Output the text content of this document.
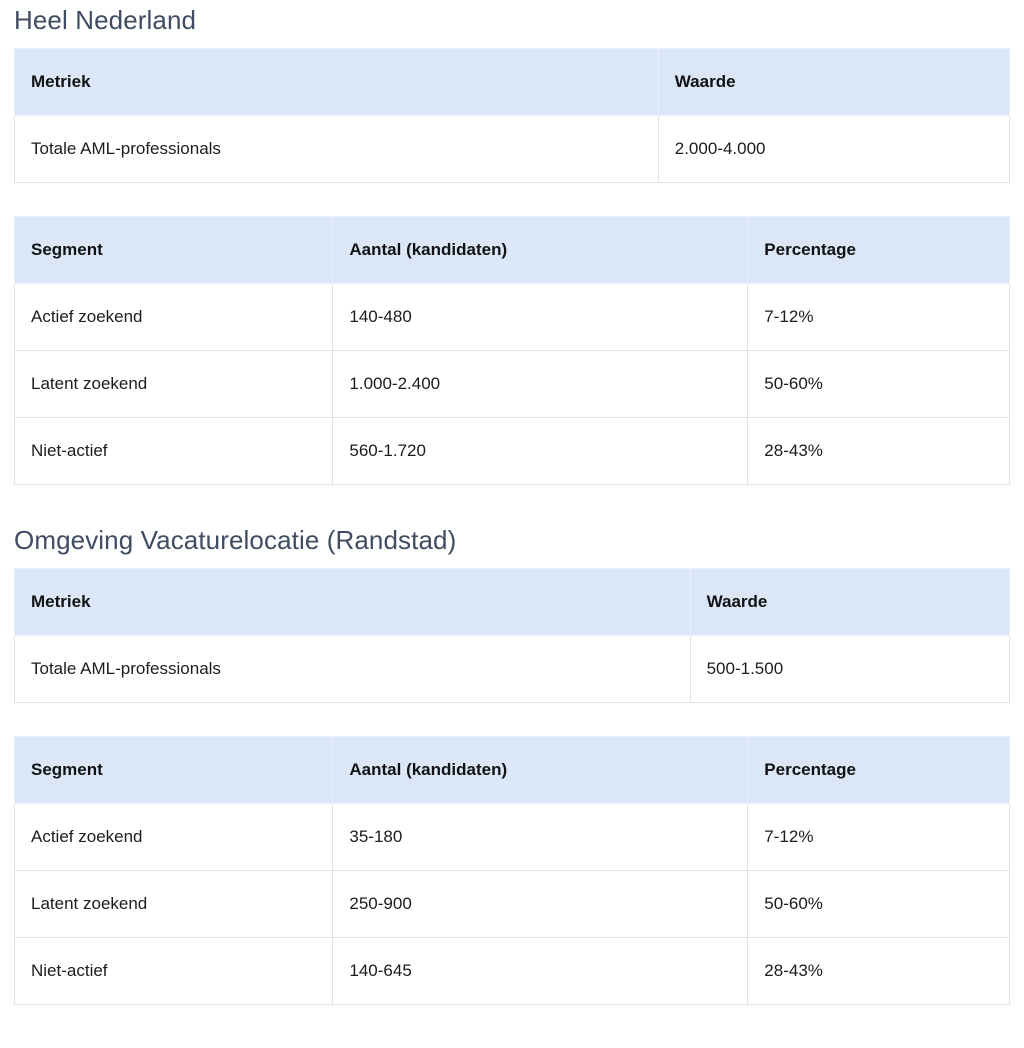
Heel Nederland
Metriek	Waarde
Totale AML-professionals	2.000-4.000
Segment	Aantal (kandidaten)	Percentage
Actief zoekend	140-480	7-12%
Latent zoekend	1.000-2.400	50-60%
Niet-actief	560-1.720	28-43%
Omgeving Vacaturelocatie (Randstad)
Metriek	Waarde
Totale AML-professionals	500-1.500
Segment	Aantal (kandidaten)	Percentage
Actief zoekend	35-180	7-12%
Latent zoekend	250-900	50-60%
Niet-actief	140-645	28-43%
